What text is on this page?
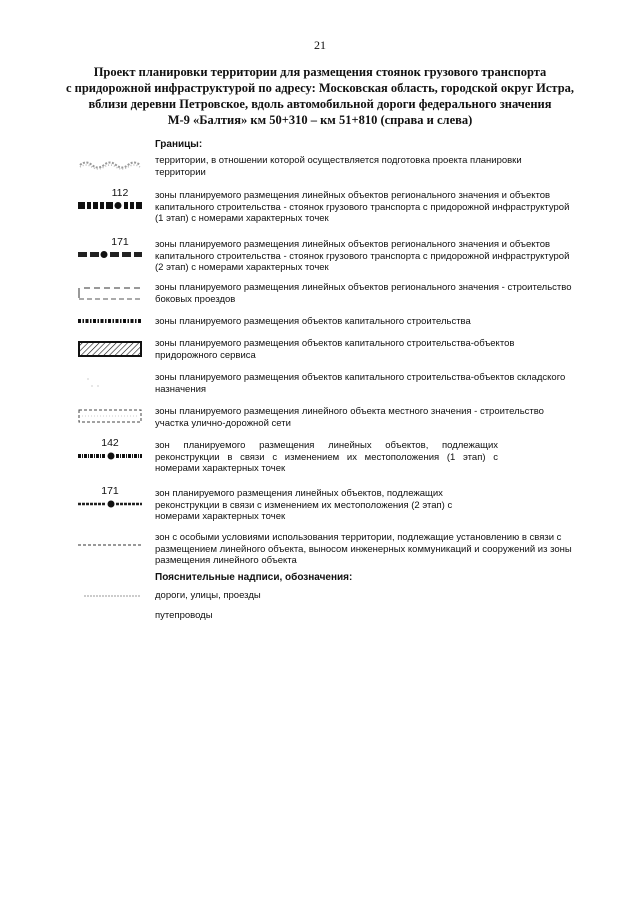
21
Проект планировки территории для размещения стоянок грузового транспорта
с придорожной инфраструктурой по адресу: Московская область, городской округ Истра,
вблизи деревни Петровское, вдоль автомобильной дороги федерального значения
М-9 «Балтия» км 50+310 – км 51+810 (справа и слева)
Границы:
территории, в отношении которой осуществляется подготовка проекта планировки территории
112	зоны планируемого размещения линейных объектов регионального значения и объектов капитального строительства - стоянок грузового транспорта с придорожной инфраструктурой (1 этап) с номерами характерных точек
171	зоны планируемого размещения линейных объектов регионального значения и объектов капитального строительства - стоянок грузового транспорта с придорожной инфраструктурой (2 этап) с номерами характерных точек
зоны планируемого размещения линейных объектов регионального значения - строительство боковых проездов
зоны планируемого размещения объектов капитального строительства
зоны планируемого размещения объектов капитального строительства-объектов придорожного сервиса
зоны планируемого размещения объектов капитального строительства-объектов складского назначения
зоны планируемого размещения линейного объекта местного значения - строительство участка улично-дорожной сети
142	зон планируемого размещения линейных объектов, подлежащих реконструкции в связи с изменением их местоположения (1 этап) с номерами характерных точек
171	зон планируемого размещения линейных объектов, подлежащих реконструкции в связи с изменением их местоположения (2 этап) с номерами характерных точек
зон с особыми условиями использования территории, подлежащие установлению в связи с размещением линейного объекта, выносом инженерных коммуникаций и сооружений из зоны размещения линейного объекта
Пояснительные надписи, обозначения:
дороги, улицы, проезды
путепроводы
